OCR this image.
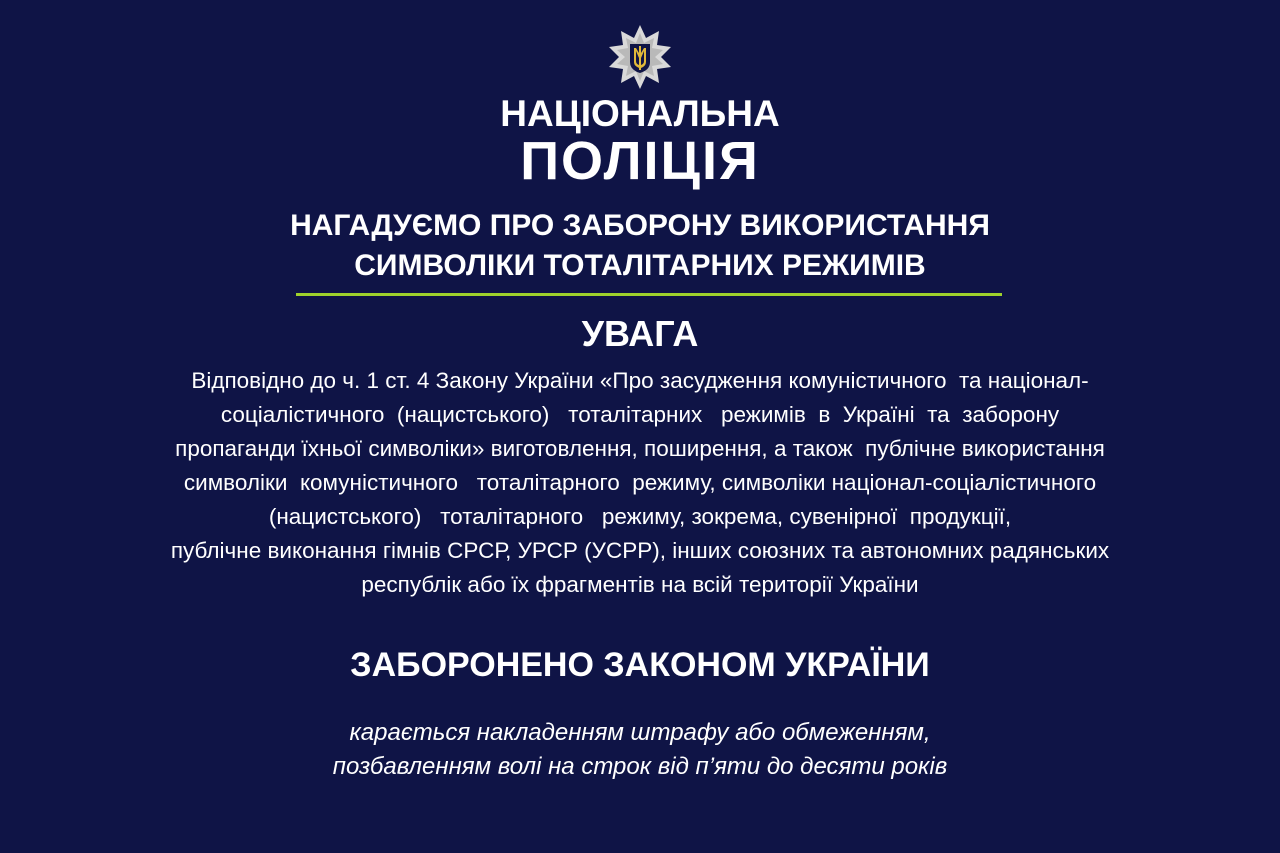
НАЦІОНАЛЬНА
ПОЛІЦІЯ
НАГАДУЄМО ПРО ЗАБОРОНУ ВИКОРИСТАННЯ
СИМВОЛІКИ ТОТАЛІТАРНИХ РЕЖИМІВ
УВАГА
Відповідно до ч. 1 ст. 4 Закону України «Про засудження комуністичного  та націонал-
соціалістичного  (нацистського)   тоталітарних   режимів  в  Україні  та  заборону
пропаганди їхньої символіки» виготовлення, поширення, а також  публічне використання
символіки  комуністичного   тоталітарного  режиму, символіки націонал-соціалістичного
(нацистського)   тоталітарного   режиму, зокрема, сувенірної  продукції,
публічне виконання гімнів СРСР, УРСР (УСРР), інших союзних та автономних радянських
республік або їх фрагментів на всій території України
ЗАБОРОНЕНО ЗАКОНОМ УКРАЇНИ
карається накладенням штрафу або обмеженням,
позбавленням волі на строк від п’яти до десяти років
